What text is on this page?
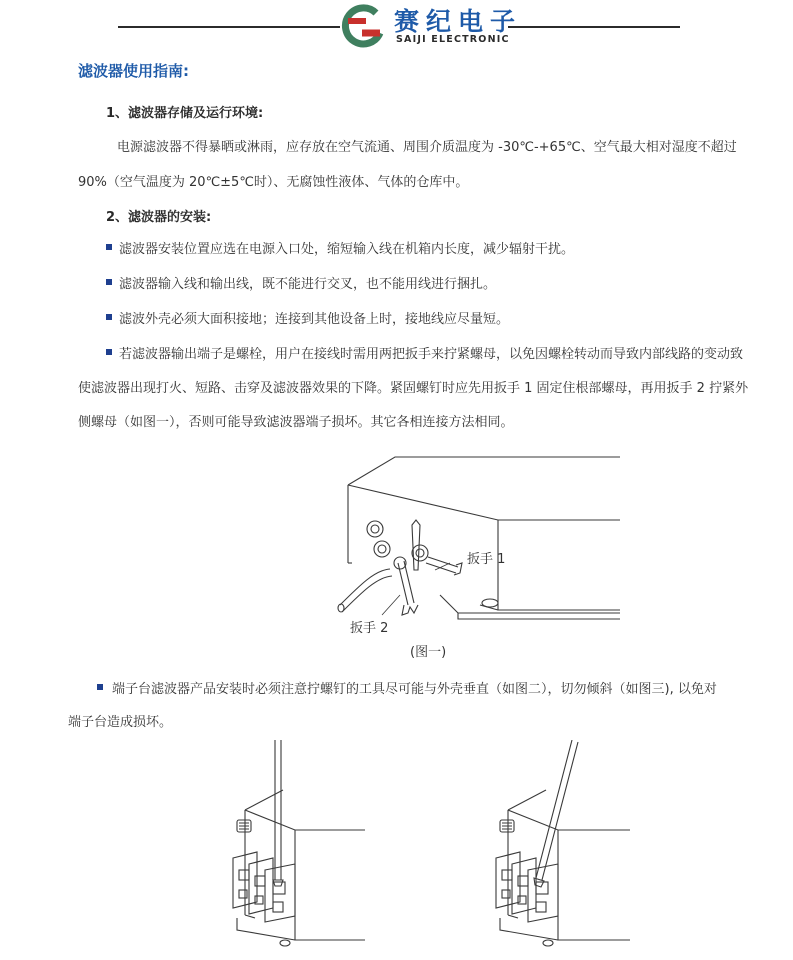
赛纪电子
SAIJI ELECTRONIC
滤波器使用指南:
1、滤波器存储及运行环境:
电源滤波器不得暴晒或淋雨，应存放在空气流通、周围介质温度为 -30℃-+65℃、空气最大相对湿度不超过
90%（空气温度为 20℃±5℃时）、无腐蚀性液体、气体的仓库中。
2、滤波器的安装:
滤波器安装位置应选在电源入口处，缩短输入线在机箱内长度，减少辐射干扰。
滤波器输入线和输出线，既不能进行交叉，也不能用线进行捆扎。
滤波外壳必须大面积接地；连接到其他设备上时，接地线应尽量短。
若滤波器输出端子是螺栓，用户在接线时需用两把扳手来拧紧螺母，以免因螺栓转动而导致内部线路的变动致
使滤波器出现打火、短路、击穿及滤波器效果的下降。紧固螺钉时应先用扳手 1 固定住根部螺母，再用扳手 2 拧紧外
侧螺母（如图一），否则可能导致滤波器端子损坏。其它各相连接方法相同。
扳手 1
扳手 2
(图一)
端子台滤波器产品安装时必须注意拧螺钉的工具尽可能与外壳垂直（如图二），切勿倾斜（如图三), 以免对
端子台造成损坏。
